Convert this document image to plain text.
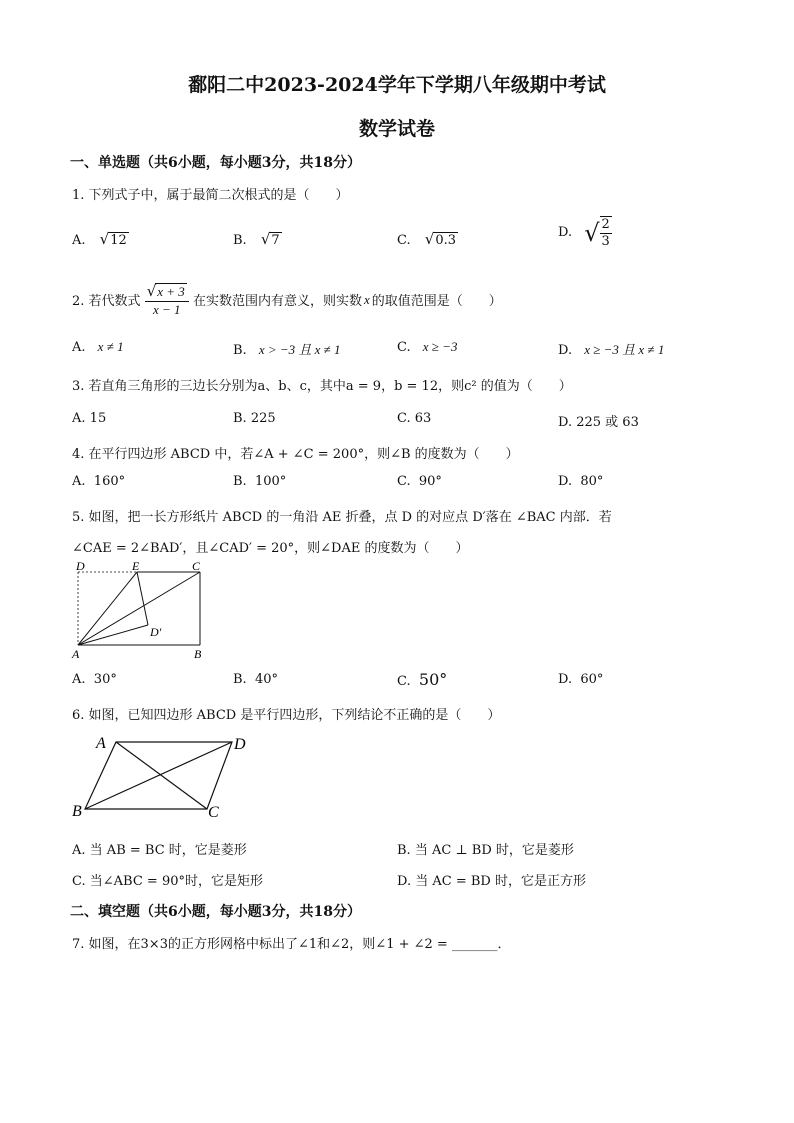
鄱阳二中2023-2024学年下学期八年级期中考试
数学试卷
一、单选题（共6小题，每小题3分，共18分）
1. 下列式子中，属于最简二次根式的是（　　）
A. √12	B. √7	C. √0.3
D. √ $\frac{2}{3}$
2. 若代数式 $\frac{√x + 3}{x - 1}$ 在实数范围内有意义，则实数 x 的取值范围是（　　）
A. x ≠ 1	B. x > −3 且 x ≠ 1	C. x ≥ −3	D. x ≥ −3 且 x ≠ 1
3. 若直角三角形的三边长分别为a、b、c，其中a = 9，b = 12，则c² 的值为（　　）
A. 15	B. 225	C. 63	D. 225 或 63
4. 在平行四边形 ABCD 中，若∠A + ∠C = 200°，则∠B 的度数为（　　）
A. 160°	B. 100°	C. 90°	D. 80°
5. 如图，把一长方形纸片 ABCD 的一角沿 AE 折叠，点 D 的对应点 D′落在 ∠BAC 内部．若
∠CAE = 2∠BAD′，且∠CAD′ = 20°，则∠DAE 的度数为（　　）
D	E	C
D′
A	B
A. 30°	B. 40°	C. 50°	D. 60°
6. 如图，已知四边形 ABCD 是平行四边形，下列结论不正确的是（　　）
A	D
B	C
A. 当 AB = BC 时，它是菱形	B. 当 AC ⊥ BD 时，它是菱形
C. 当∠ABC = 90°时，它是矩形	D. 当 AC = BD 时，它是正方形
二、填空题（共6小题，每小题3分，共18分）
7. 如图，在3×3的正方形网格中标出了∠1和∠2，则∠1 + ∠2 = _______．
